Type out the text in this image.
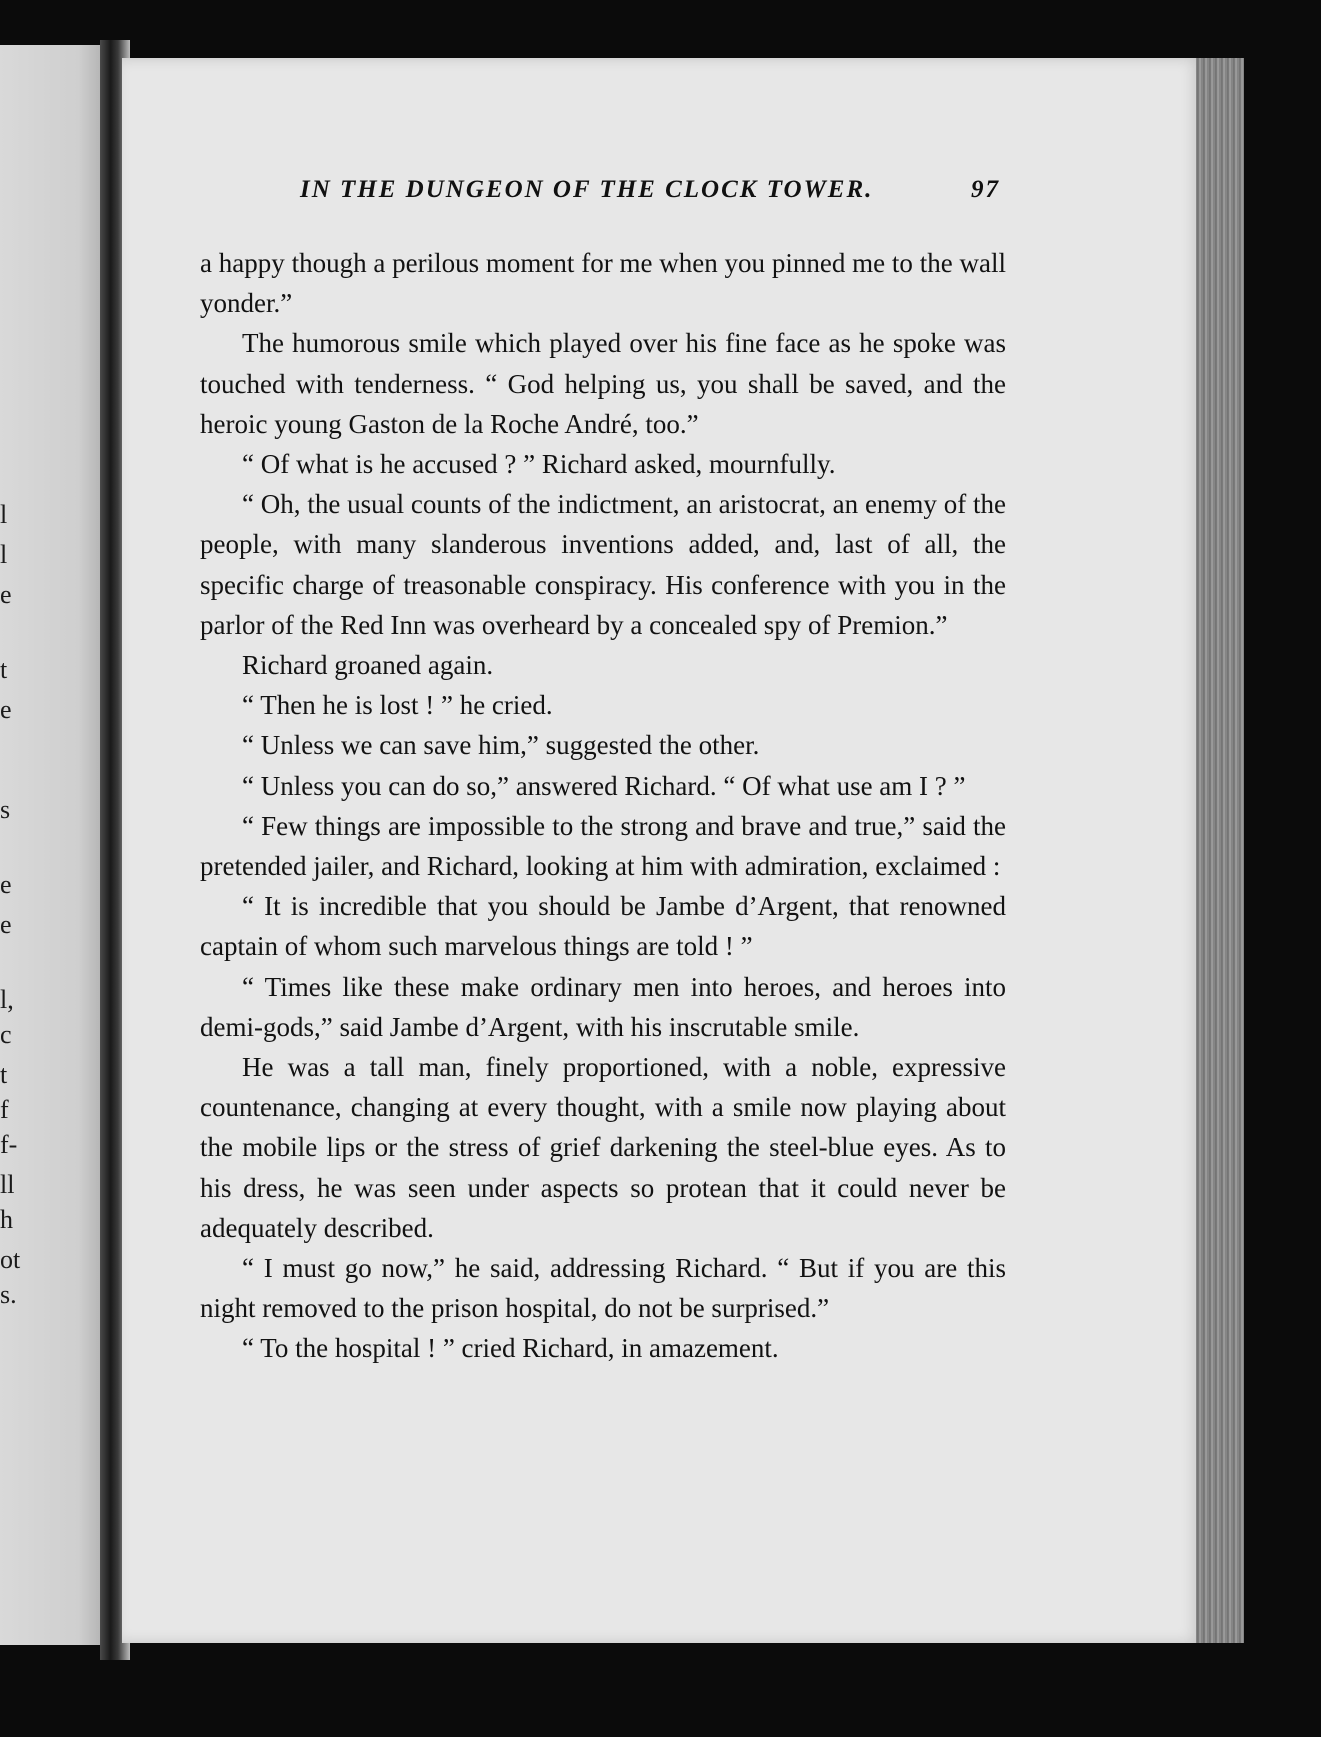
l
l
e
t
e
s
e
e
l,
c
t
f
f-
ll
h
ot
s.
IN THE DUNGEON OF THE CLOCK TOWER.	97

a happy though a perilous moment for me when you pinned me to the wall yonder.”

The humorous smile which played over his fine face as he spoke was touched with tenderness. “ God helping us, you shall be saved, and the heroic young Gaston de la Roche André, too.”

“ Of what is he accused ? ” Richard asked, mournfully.

“ Oh, the usual counts of the indictment, an aristocrat, an enemy of the people, with many slanderous inventions added, and, last of all, the specific charge of treasonable conspiracy. His conference with you in the parlor of the Red Inn was overheard by a concealed spy of Premion.”

Richard groaned again.

“ Then he is lost ! ” he cried.

“ Unless we can save him,” suggested the other.

“ Unless you can do so,” answered Richard. “ Of what use am I ? ”

“ Few things are impossible to the strong and brave and true,” said the pretended jailer, and Richard, looking at him with admiration, exclaimed :

“ It is incredible that you should be Jambe d’Argent, that renowned captain of whom such marvelous things are told ! ”

“ Times like these make ordinary men into heroes, and heroes into demi-gods,” said Jambe d’Argent, with his inscrutable smile.

He was a tall man, finely proportioned, with a noble, expressive countenance, changing at every thought, with a smile now playing about the mobile lips or the stress of grief darkening the steel-blue eyes. As to his dress, he was seen under aspects so protean that it could never be adequately described.

“ I must go now,” he said, addressing Richard. “ But if you are this night removed to the prison hospital, do not be surprised.”

“ To the hospital ! ” cried Richard, in amazement.
